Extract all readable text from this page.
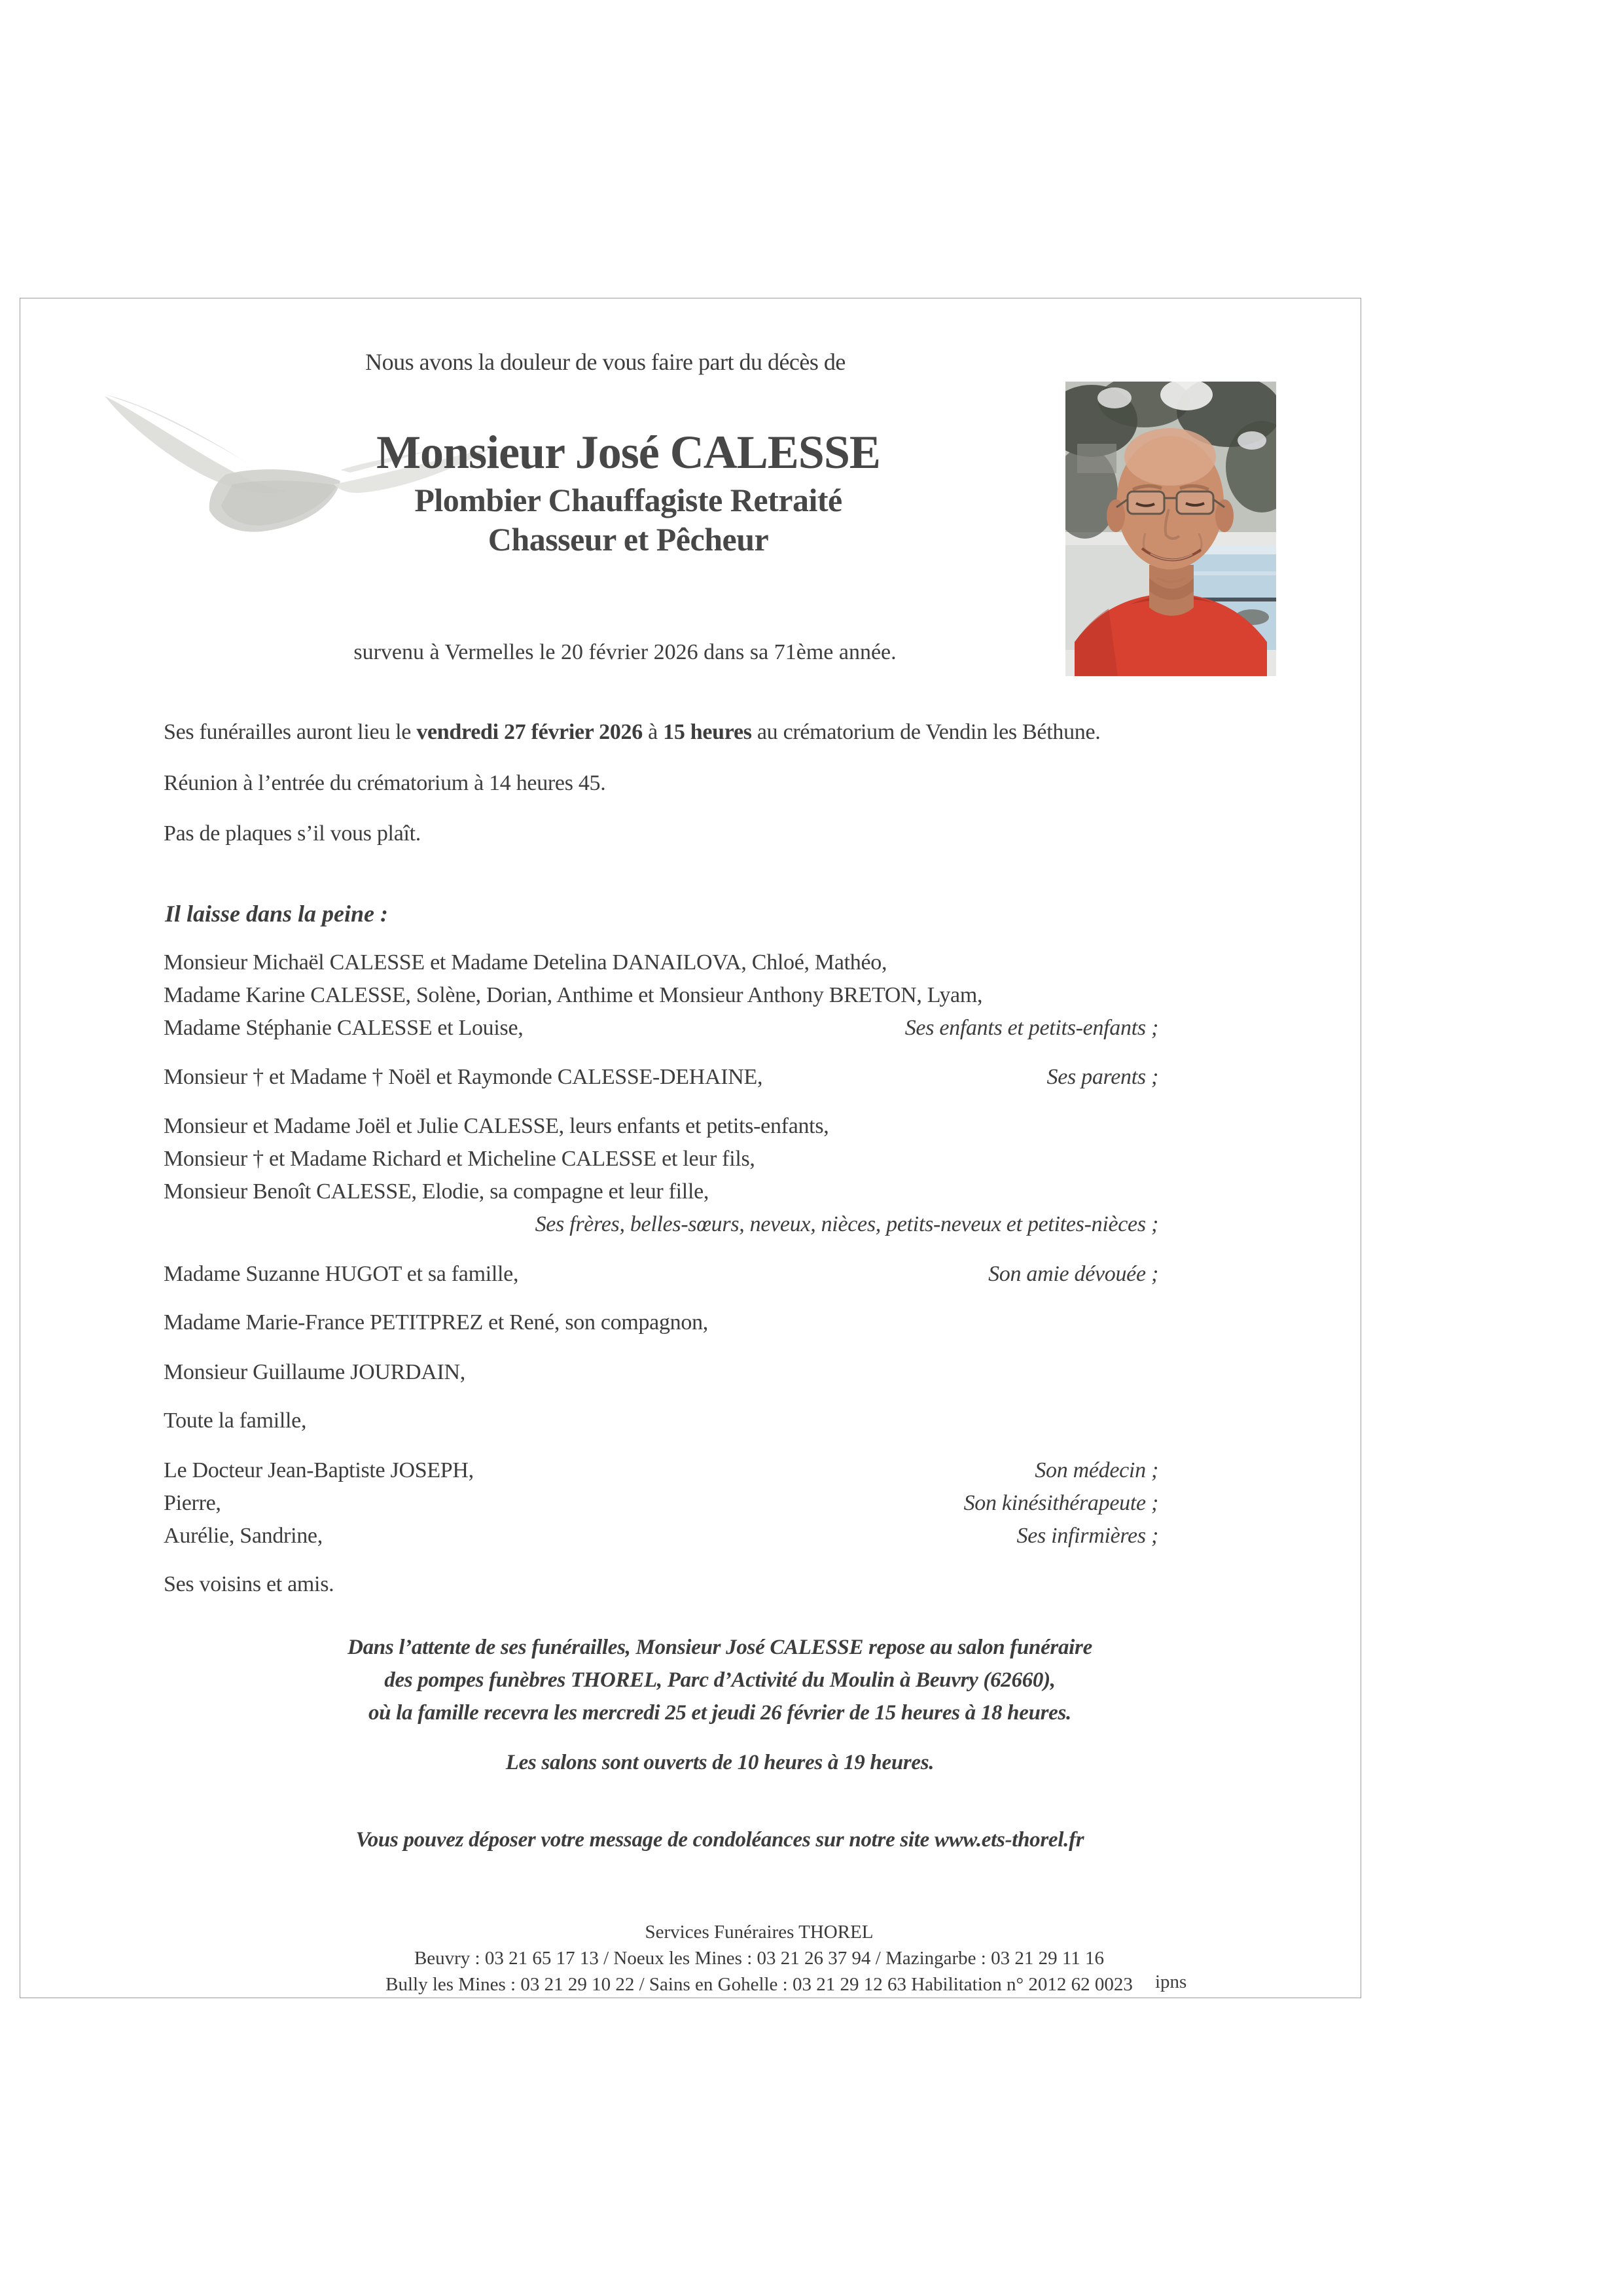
Nous avons la douleur de vous faire part du décès de
Monsieur José CALESSE
Plombier Chauffagiste Retraité
Chasseur et Pêcheur
survenu à Vermelles le 20 février 2026 dans sa 71ème année.
Ses funérailles auront lieu le vendredi 27 février 2026 à 15 heures au crématorium de Vendin les Béthune.
Réunion à l’entrée du crématorium à 14 heures 45.
Pas de plaques s’il vous plaît.
Il laisse dans la peine :
Monsieur Michaël CALESSE et Madame Detelina DANAILOVA, Chloé, Mathéo,
Madame Karine CALESSE, Solène, Dorian, Anthime et Monsieur Anthony BRETON, Lyam,
Madame Stéphanie CALESSE et Louise,	Ses enfants et petits-enfants ;
Monsieur † et Madame † Noël et Raymonde CALESSE-DEHAINE,	Ses parents ;
Monsieur et Madame Joël et Julie CALESSE, leurs enfants et petits-enfants,
Monsieur † et Madame Richard et Micheline CALESSE et leur fils,
Monsieur Benoît CALESSE, Elodie, sa compagne et leur fille,
Ses frères, belles-sœurs, neveux, nièces, petits-neveux et petites-nièces ;
Madame Suzanne HUGOT et sa famille,	Son amie dévouée ;
Madame Marie-France PETITPREZ et René, son compagnon,
Monsieur Guillaume JOURDAIN,
Toute la famille,
Le Docteur Jean-Baptiste JOSEPH,	Son médecin ;
Pierre,	Son kinésithérapeute ;
Aurélie, Sandrine,	Ses infirmières ;
Ses voisins et amis.
Dans l’attente de ses funérailles, Monsieur José CALESSE repose au salon funéraire
des pompes funèbres THOREL, Parc d’Activité du Moulin à Beuvry (62660),
où la famille recevra les mercredi 25 et jeudi 26 février de 15 heures à 18 heures.
Les salons sont ouverts de 10 heures à 19 heures.
Vous pouvez déposer votre message de condoléances sur notre site www.ets-thorel.fr
Services Funéraires THOREL
Beuvry : 03 21 65 17 13 / Noeux les Mines : 03 21 26 37 94 / Mazingarbe : 03 21 29 11 16
Bully les Mines : 03 21 29 10 22 / Sains en Gohelle : 03 21 29 12 63 Habilitation n° 2012 62 0023	ipns
